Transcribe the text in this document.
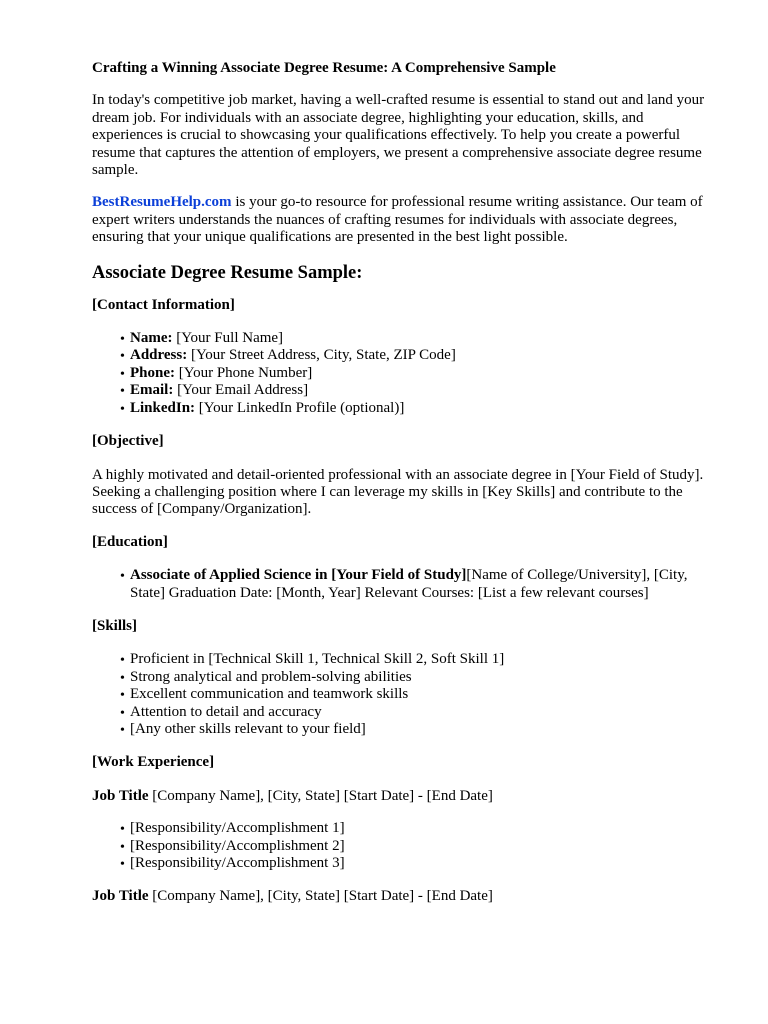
Crafting a Winning Associate Degree Resume: A Comprehensive Sample

In today's competitive job market, having a well-crafted resume is essential to stand out and land your dream job. For individuals with an associate degree, highlighting your education, skills, and experiences is crucial to showcasing your qualifications effectively. To help you create a powerful resume that captures the attention of employers, we present a comprehensive associate degree resume sample.

BestResumeHelp.com is your go-to resource for professional resume writing assistance. Our team of expert writers understands the nuances of crafting resumes for individuals with associate degrees, ensuring that your unique qualifications are presented in the best light possible.

Associate Degree Resume Sample:
[Contact Information]
• Name: [Your Full Name]
• Address: [Your Street Address, City, State, ZIP Code]
• Phone: [Your Phone Number]
• Email: [Your Email Address]
• LinkedIn: [Your LinkedIn Profile (optional)]
[Objective]

A highly motivated and detail-oriented professional with an associate degree in [Your Field of Study]. Seeking a challenging position where I can leverage my skills in [Key Skills] and contribute to the success of [Company/Organization].

[Education]
• Associate of Applied Science in [Your Field of Study][Name of College/University], [City, State] Graduation Date: [Month, Year] Relevant Courses: [List a few relevant courses]
[Skills]
• Proficient in [Technical Skill 1, Technical Skill 2, Soft Skill 1]
• Strong analytical and problem-solving abilities
• Excellent communication and teamwork skills
• Attention to detail and accuracy
• [Any other skills relevant to your field]
[Work Experience]

Job Title [Company Name], [City, State] [Start Date] - [End Date]

• [Responsibility/Accomplishment 1]
• [Responsibility/Accomplishment 2]
• [Responsibility/Accomplishment 3]

Job Title [Company Name], [City, State] [Start Date] - [End Date]
